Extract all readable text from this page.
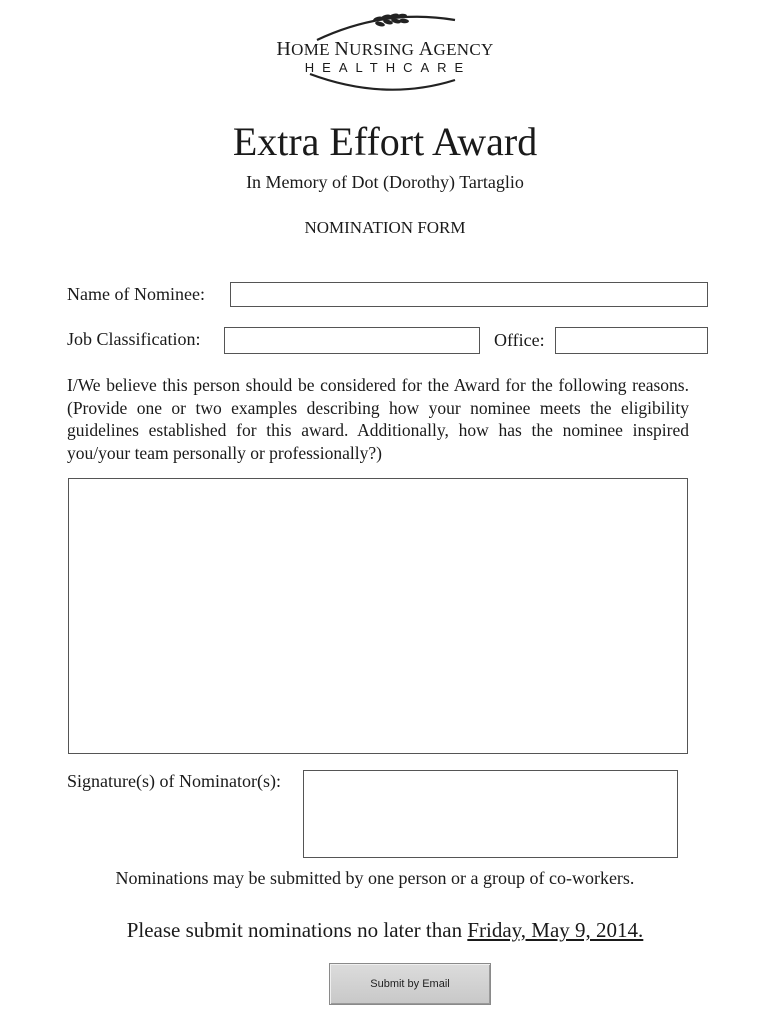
HOME NURSING AGENCY
HEALTHCARE
Extra Effort Award
In Memory of Dot (Dorothy) Tartaglio
NOMINATION FORM
Name of Nominee:
Job Classification:	Office:
I/We believe this person should be considered for the Award for the following reasons. (Provide one or two examples describing how your nominee meets the eligibility guidelines established for this award. Additionally, how has the nominee inspired you/your team personally or professionally?)
Signature(s) of Nominator(s):
Nominations may be submitted by one person or a group of co-workers.
Please submit nominations no later than Friday, May 9, 2014.
Submit by Email
